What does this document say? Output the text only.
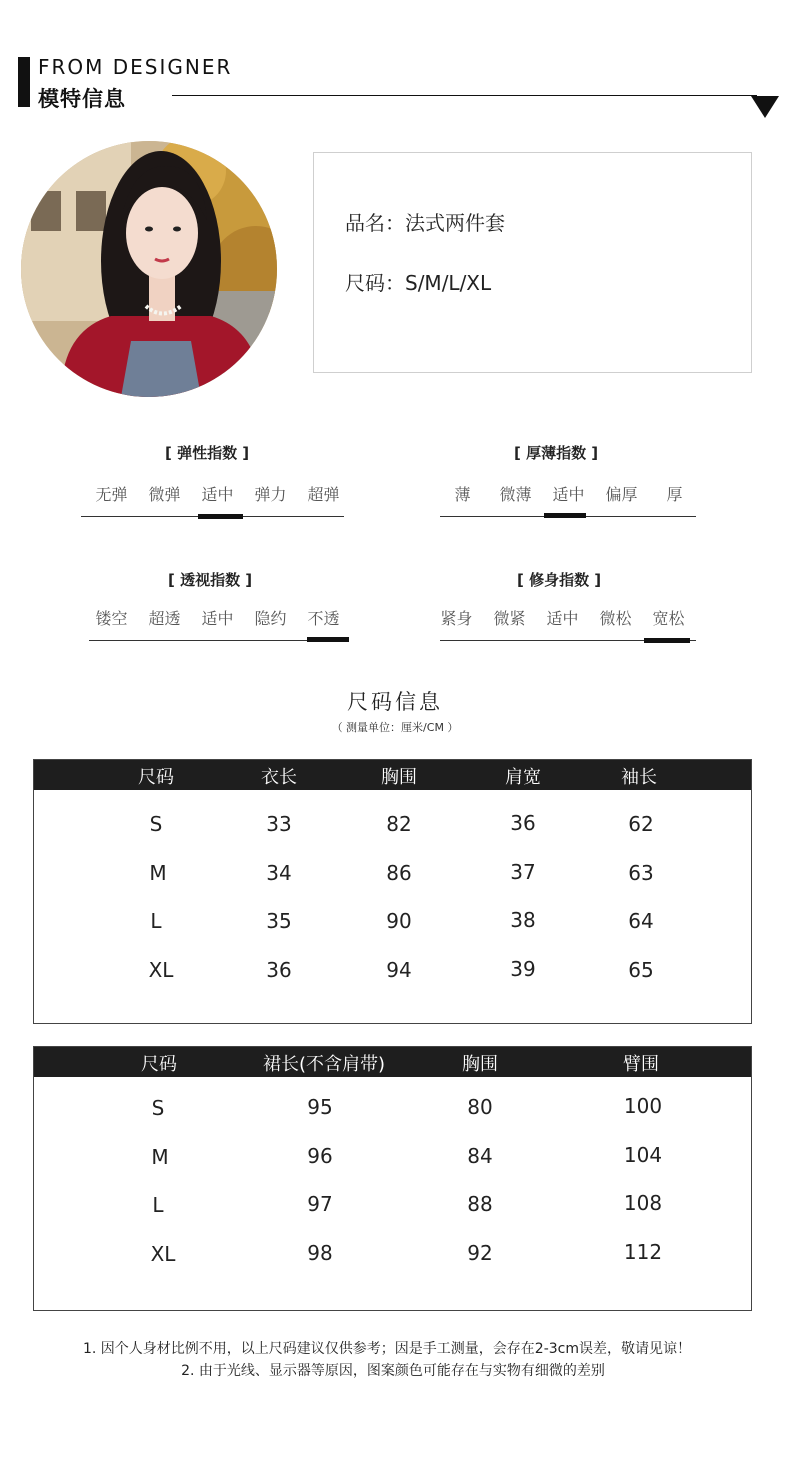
FROM DESIGNER
模特信息
品名：法式两件套
尺码：S/M/L/XL
[ 弹性指数 ]
无弹	微弹	适中	弹力	超弹
[ 厚薄指数 ]
薄	微薄	适中	偏厚	厚
[ 透视指数 ]
镂空	超透	适中	隐约	不透
[ 修身指数 ]
紧身	微紧	适中	微松	宽松
尺码信息
（ 测量单位：厘米/CM ）
尺码	衣长	胸围	肩宽	袖长
S	33	82	36	62
M	34	86	37	63
L	35	90	38	64
XL	36	94	39	65
尺码	裙长(不含肩带)	胸围	臂围
S	95	80	100
M	96	84	104
L	97	88	108
XL	98	92	112
1. 因个人身材比例不用，以上尺码建议仅供参考；因是手工测量，会存在2-3cm误差，敬请见谅！
2. 由于光线、显示器等原因，图案颜色可能存在与实物有细微的差别
